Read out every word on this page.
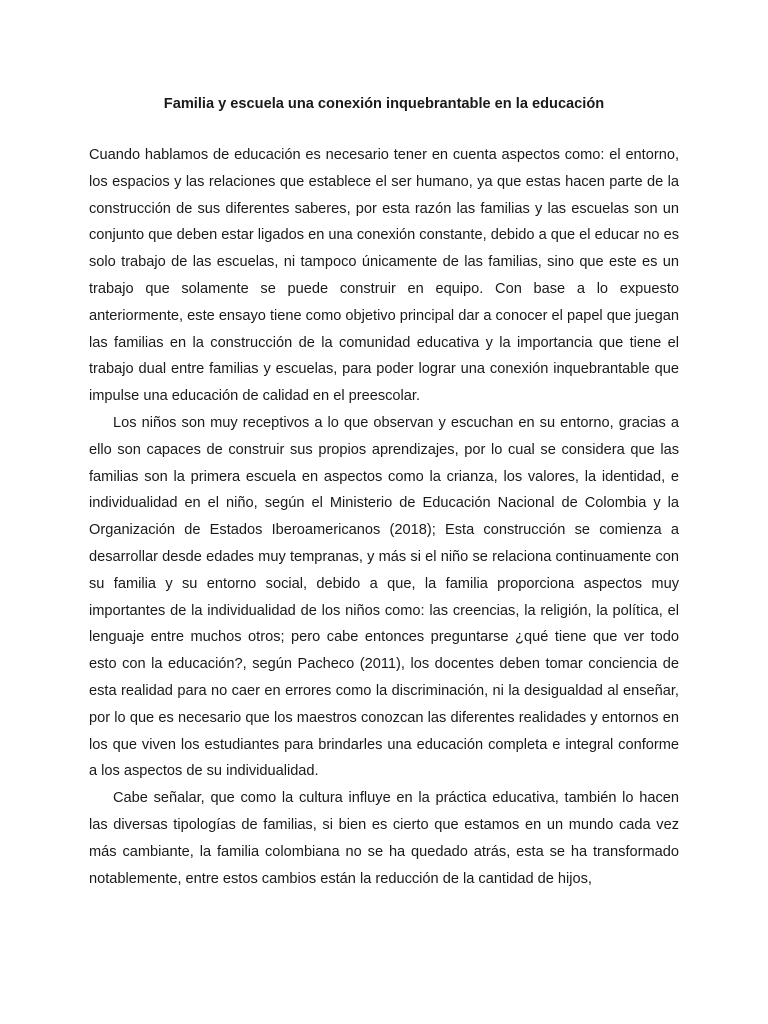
Familia y escuela una conexión inquebrantable en la educación

Cuando hablamos de educación es necesario tener en cuenta aspectos como: el entorno, los espacios y las relaciones que establece el ser humano, ya que estas hacen parte de la construcción de sus diferentes saberes, por esta razón las familias y las escuelas son un conjunto que deben estar ligados en una conexión constante, debido a que el educar no es solo trabajo de las escuelas, ni tampoco únicamente de las familias, sino que este es un trabajo que solamente se puede construir en equipo. Con base a lo expuesto anteriormente, este ensayo tiene como objetivo principal dar a conocer el papel que juegan las familias en la construcción de la comunidad educativa y la importancia que tiene el trabajo dual entre familias y escuelas, para poder lograr una conexión inquebrantable que impulse una educación de calidad en el preescolar.

Los niños son muy receptivos a lo que observan y escuchan en su entorno, gracias a ello son capaces de construir sus propios aprendizajes, por lo cual se considera que las familias son la primera escuela en aspectos como la crianza, los valores, la identidad, e individualidad en el niño, según el Ministerio de Educación Nacional de Colombia y la Organización de Estados Iberoamericanos (2018); Esta construcción se comienza a desarrollar desde edades muy tempranas, y más si el niño se relaciona continuamente con su familia y su entorno social, debido a que, la familia proporciona aspectos muy importantes de la individualidad de los niños como: las creencias, la religión, la política, el lenguaje entre muchos otros; pero cabe entonces preguntarse ¿qué tiene que ver todo esto con la educación?, según Pacheco (2011), los docentes deben tomar conciencia de esta realidad para no caer en errores como la discriminación, ni la desigualdad al enseñar, por lo que es necesario que los maestros conozcan las diferentes realidades y entornos en los que viven los estudiantes para brindarles una educación completa e integral conforme a los aspectos de su individualidad.

Cabe señalar, que como la cultura influye en la práctica educativa, también lo hacen las diversas tipologías de familias, si bien es cierto que estamos en un mundo cada vez más cambiante, la familia colombiana no se ha quedado atrás, esta se ha transformado notablemente, entre estos cambios están la reducción de la cantidad de hijos,
